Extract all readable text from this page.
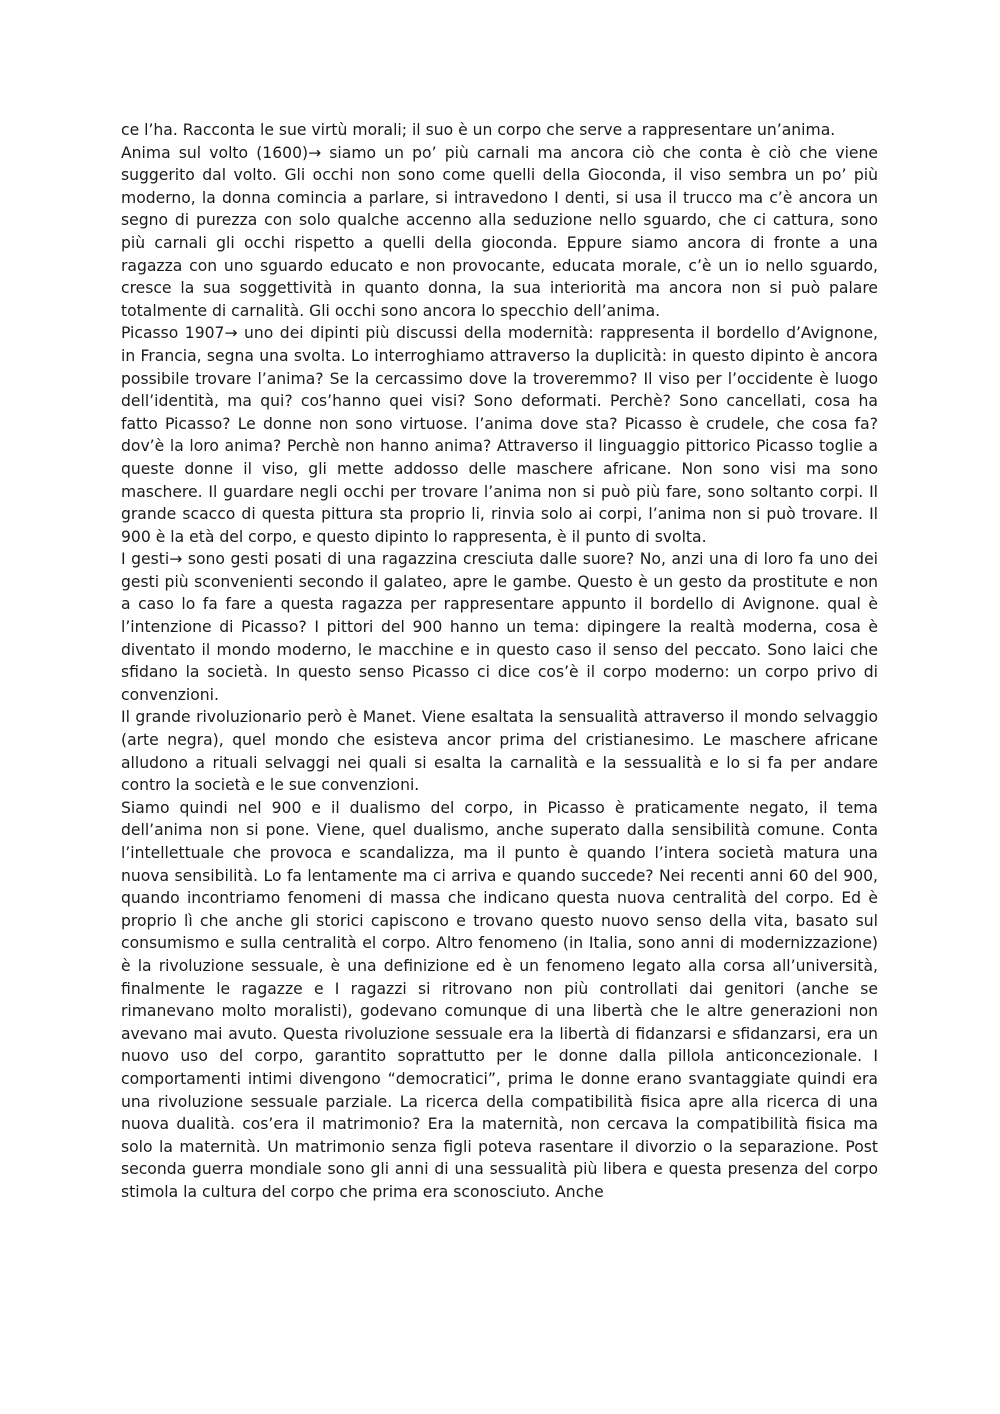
ce l’ha. Racconta le sue virtù morali; il suo è un corpo che serve a rappresentare un’anima.

Anima sul volto (1600)→ siamo un po’ più carnali ma ancora ciò che conta è ciò che viene suggerito dal volto. Gli occhi non sono come quelli della Gioconda, il viso sembra un po’ più moderno, la donna comincia a parlare, si intravedono I denti, si usa il trucco ma c’è ancora un segno di purezza con solo qualche accenno alla seduzione nello sguardo, che ci cattura, sono più carnali gli occhi rispetto a quelli della gioconda. Eppure siamo ancora di fronte a una ragazza con uno sguardo educato e non provocante, educata morale, c’è un io nello sguardo, cresce la sua soggettività in quanto donna, la sua interiorità ma ancora non si può palare totalmente di carnalità. Gli occhi sono ancora lo specchio dell’anima.

Picasso 1907→ uno dei dipinti più discussi della modernità: rappresenta il bordello d’Avignone, in Francia, segna una svolta. Lo interroghiamo attraverso la duplicità: in questo dipinto è ancora possibile trovare l’anima? Se la cercassimo dove la troveremmo? Il viso per l’occidente è luogo dell’identità, ma qui? cos’hanno quei visi? Sono deformati. Perchè? Sono cancellati, cosa ha fatto Picasso? Le donne non sono virtuose. l’anima dove sta? Picasso è crudele, che cosa fa? dov’è la loro anima? Perchè non hanno anima? Attraverso il linguaggio pittorico Picasso toglie a queste donne il viso, gli mette addosso delle maschere africane. Non sono visi ma sono maschere. Il guardare negli occhi per trovare l’anima non si può più fare, sono soltanto corpi. Il grande scacco di questa pittura sta proprio li, rinvia solo ai corpi, l’anima non si può trovare. Il 900 è la età del corpo, e questo dipinto lo rappresenta, è il punto di svolta.

I gesti→ sono gesti posati di una ragazzina cresciuta dalle suore? No, anzi una di loro fa uno dei gesti più sconvenienti secondo il galateo, apre le gambe. Questo è un gesto da prostitute e non a caso lo fa fare a questa ragazza per rappresentare appunto il bordello di Avignone. qual è l’intenzione di Picasso? I pittori del 900 hanno un tema: dipingere la realtà moderna, cosa è diventato il mondo moderno, le macchine e in questo caso il senso del peccato. Sono laici che sfidano la società. In questo senso Picasso ci dice cos’è il corpo moderno: un corpo privo di convenzioni.

Il grande rivoluzionario però è Manet. Viene esaltata la sensualità attraverso il mondo selvaggio (arte negra), quel mondo che esisteva ancor prima del cristianesimo. Le maschere africane alludono a rituali selvaggi nei quali si esalta la carnalità e la sessualità e lo si fa per andare contro la società e le sue convenzioni.

Siamo quindi nel 900 e il dualismo del corpo, in Picasso è praticamente negato, il tema dell’anima non si pone. Viene, quel dualismo, anche superato dalla sensibilità comune. Conta l’intellettuale che provoca e scandalizza, ma il punto è quando l’intera società matura una nuova sensibilità. Lo fa lentamente ma ci arriva e quando succede? Nei recenti anni 60 del 900, quando incontriamo fenomeni di massa che indicano questa nuova centralità del corpo. Ed è proprio lì che anche gli storici capiscono e trovano questo nuovo senso della vita, basato sul consumismo e sulla centralità el corpo. Altro fenomeno (in Italia, sono anni di modernizzazione) è la rivoluzione sessuale, è una definizione ed è un fenomeno legato alla corsa all’università, finalmente le ragazze e I ragazzi si ritrovano non più controllati dai genitori (anche se rimanevano molto moralisti), godevano comunque di una libertà che le altre generazioni non avevano mai avuto. Questa rivoluzione sessuale era la libertà di fidanzarsi e sfidanzarsi, era un nuovo uso del corpo, garantito soprattutto per le donne dalla pillola anticoncezionale. I comportamenti intimi divengono “democratici”, prima le donne erano svantaggiate quindi era una rivoluzione sessuale parziale. La ricerca della compatibilità fisica apre alla ricerca di una nuova dualità. cos’era il matrimonio? Era la maternità, non cercava la compatibilità fisica ma solo la maternità. Un matrimonio senza figli poteva rasentare il divorzio o la separazione. Post seconda guerra mondiale sono gli anni di una sessualità più libera e questa presenza del corpo stimola la cultura del corpo che prima era sconosciuto. Anche
